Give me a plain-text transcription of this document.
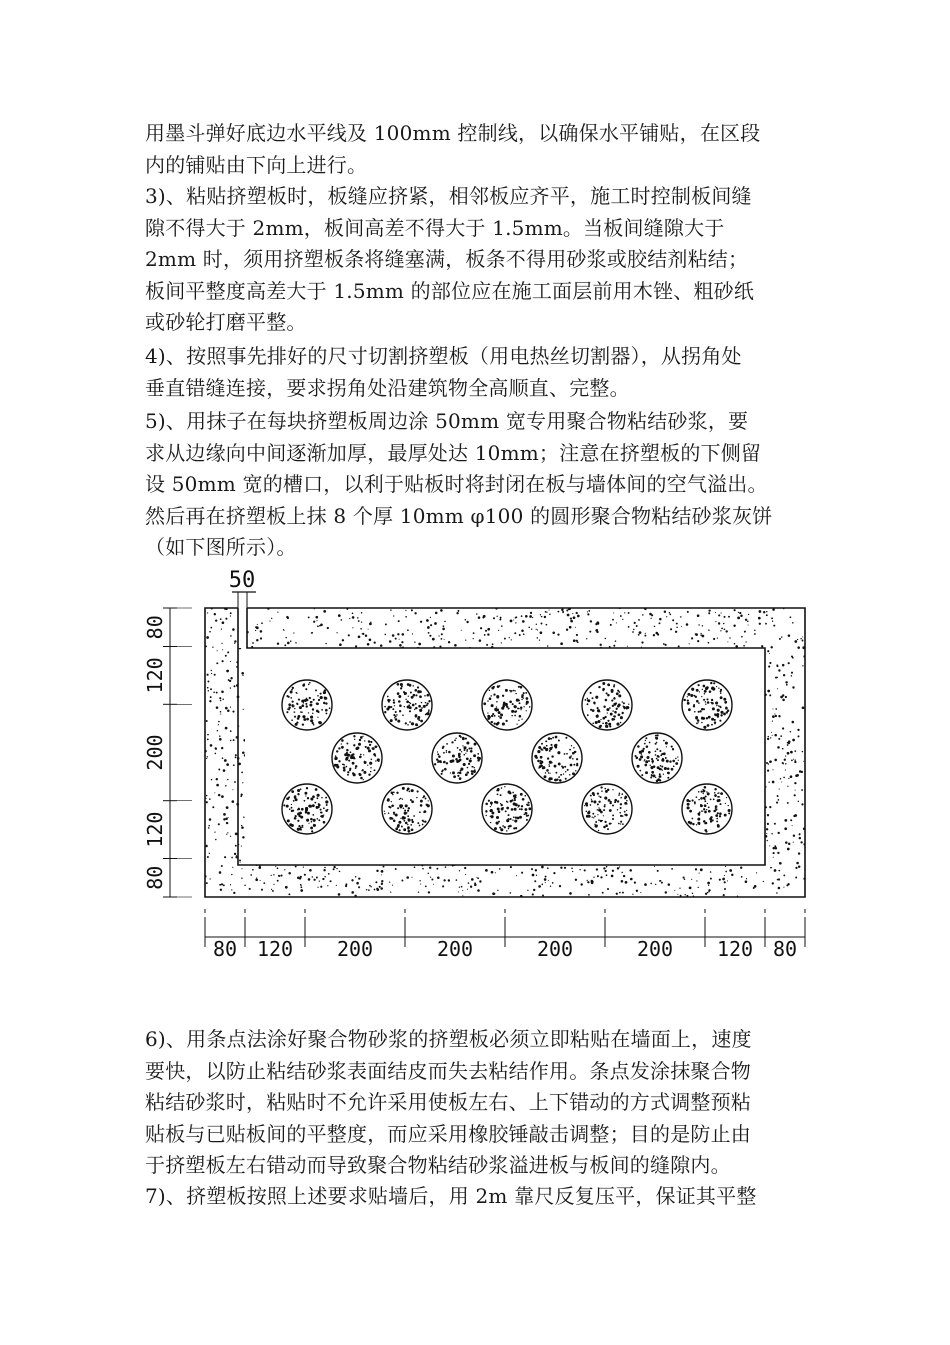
用墨斗弹好底边水平线及 100mm 控制线，以确保水平铺贴，在区段
内的铺贴由下向上进行。
3)、粘贴挤塑板时，板缝应挤紧，相邻板应齐平，施工时控制板间缝
隙不得大于 2mm，板间高差不得大于 1.5mm。当板间缝隙大于
2mm 时，须用挤塑板条将缝塞满，板条不得用砂浆或胶结剂粘结；
板间平整度高差大于 1.5mm 的部位应在施工面层前用木锉、粗砂纸
或砂轮打磨平整。
4)、按照事先排好的尺寸切割挤塑板（用电热丝切割器），从拐角处
垂直错缝连接，要求拐角处沿建筑物全高顺直、完整。
5)、用抹子在每块挤塑板周边涂 50mm 宽专用聚合物粘结砂浆，要
求从边缘向中间逐渐加厚，最厚处达 10mm；注意在挤塑板的下侧留
设 50mm 宽的槽口，以利于贴板时将封闭在板与墙体间的空气溢出。
然后再在挤塑板上抹 8 个厚 10mm φ100 的圆形聚合物粘结砂浆灰饼
（如下图所示）。
50
80
120
200
120
80
80 120 200	200	200	200 120 80
6)、用条点法涂好聚合物砂浆的挤塑板必须立即粘贴在墙面上，速度
要快，以防止粘结砂浆表面结皮而失去粘结作用。条点发涂抹聚合物
粘结砂浆时，粘贴时不允许采用使板左右、上下错动的方式调整预粘
贴板与已贴板间的平整度，而应采用橡胶锤敲击调整；目的是防止由
于挤塑板左右错动而导致聚合物粘结砂浆溢进板与板间的缝隙内。
7)、挤塑板按照上述要求贴墙后，用 2m 靠尺反复压平，保证其平整
